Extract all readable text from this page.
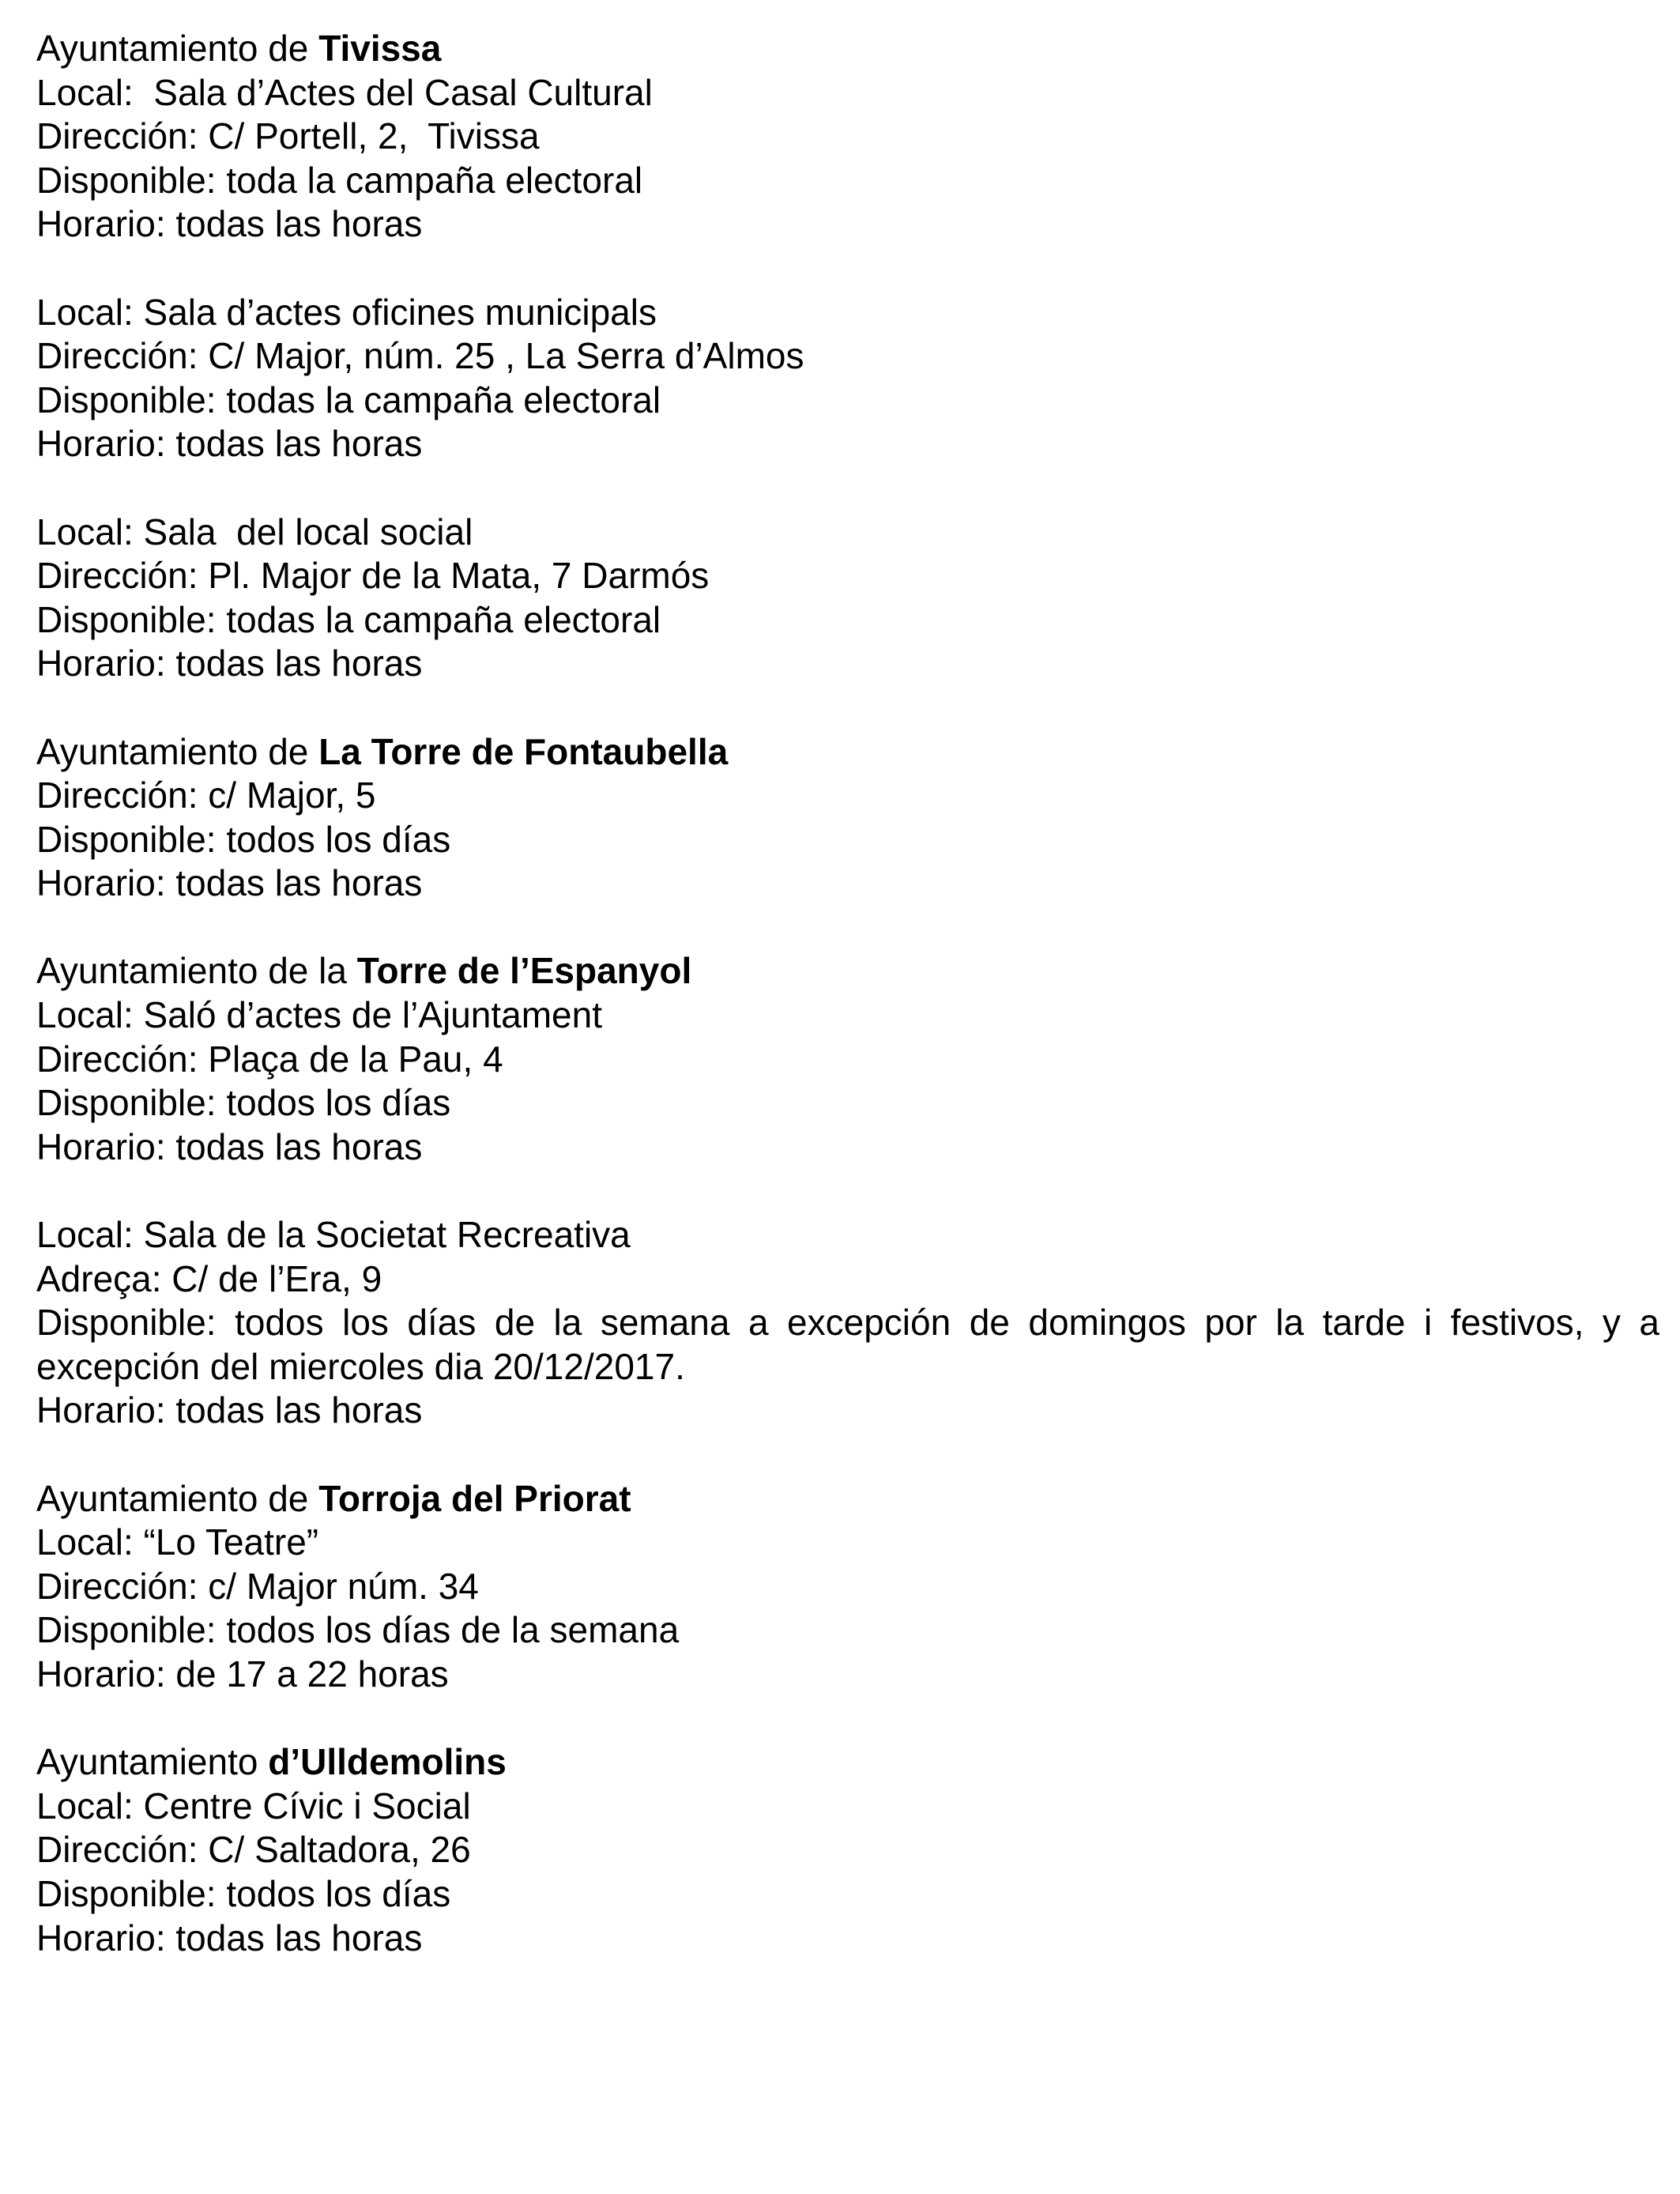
Ayuntamiento de Tivissa
Local:  Sala d’Actes del Casal Cultural
Dirección: C/ Portell, 2,  Tivissa
Disponible: toda la campaña electoral
Horario: todas las horas
Local: Sala d’actes oficines municipals
Dirección: C/ Major, núm. 25 , La Serra d’Almos
Disponible: todas la campaña electoral
Horario: todas las horas
Local: Sala  del local social
Dirección: Pl. Major de la Mata, 7 Darmós
Disponible: todas la campaña electoral
Horario: todas las horas
Ayuntamiento de La Torre de Fontaubella
Dirección: c/ Major, 5
Disponible: todos los días
Horario: todas las horas
Ayuntamiento de la Torre de l’Espanyol
Local: Saló d’actes de l’Ajuntament
Dirección: Plaça de la Pau, 4
Disponible: todos los días
Horario: todas las horas
Local: Sala de la Societat Recreativa
Adreça: C/ de l’Era, 9
Disponible: todos los días de la semana a excepción de domingos por la tarde i festivos, y a
excepción del miercoles dia 20/12/2017.
Horario: todas las horas
Ayuntamiento de Torroja del Priorat
Local: “Lo Teatre”
Dirección: c/ Major núm. 34
Disponible: todos los días de la semana
Horario: de 17 a 22 horas
Ayuntamiento d’Ulldemolins
Local: Centre Cívic i Social
Dirección: C/ Saltadora, 26
Disponible: todos los días
Horario: todas las horas
